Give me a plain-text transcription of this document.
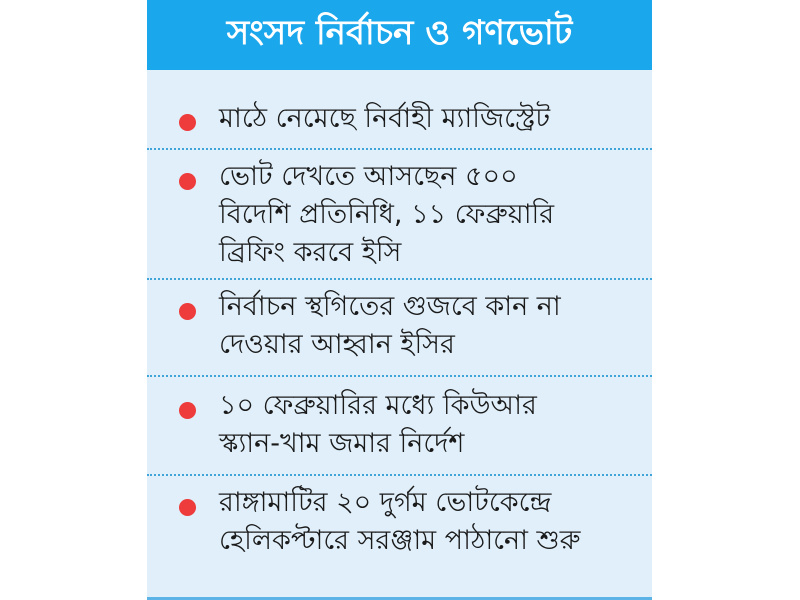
সংসদ নির্বাচন ও গণভোট
মাঠে নেমেছে নির্বাহী ম্যাজিস্ট্রেট
ভোট দেখতে আসছেন ৫০০
বিদেশি প্রতিনিধি, ১১ ফেব্রুয়ারি
ব্রিফিং করবে ইসি
নির্বাচন স্থগিতের গুজবে কান না
দেওয়ার আহ্বান ইসির
১০ ফেব্রুয়ারির মধ্যে কিউআর
স্ক্যান-খাম জমার নির্দেশ
রাঙ্গামাটির ২০ দুর্গম ভোটকেন্দ্রে
হেলিকপ্টারে সরঞ্জাম পাঠানো শুরু
